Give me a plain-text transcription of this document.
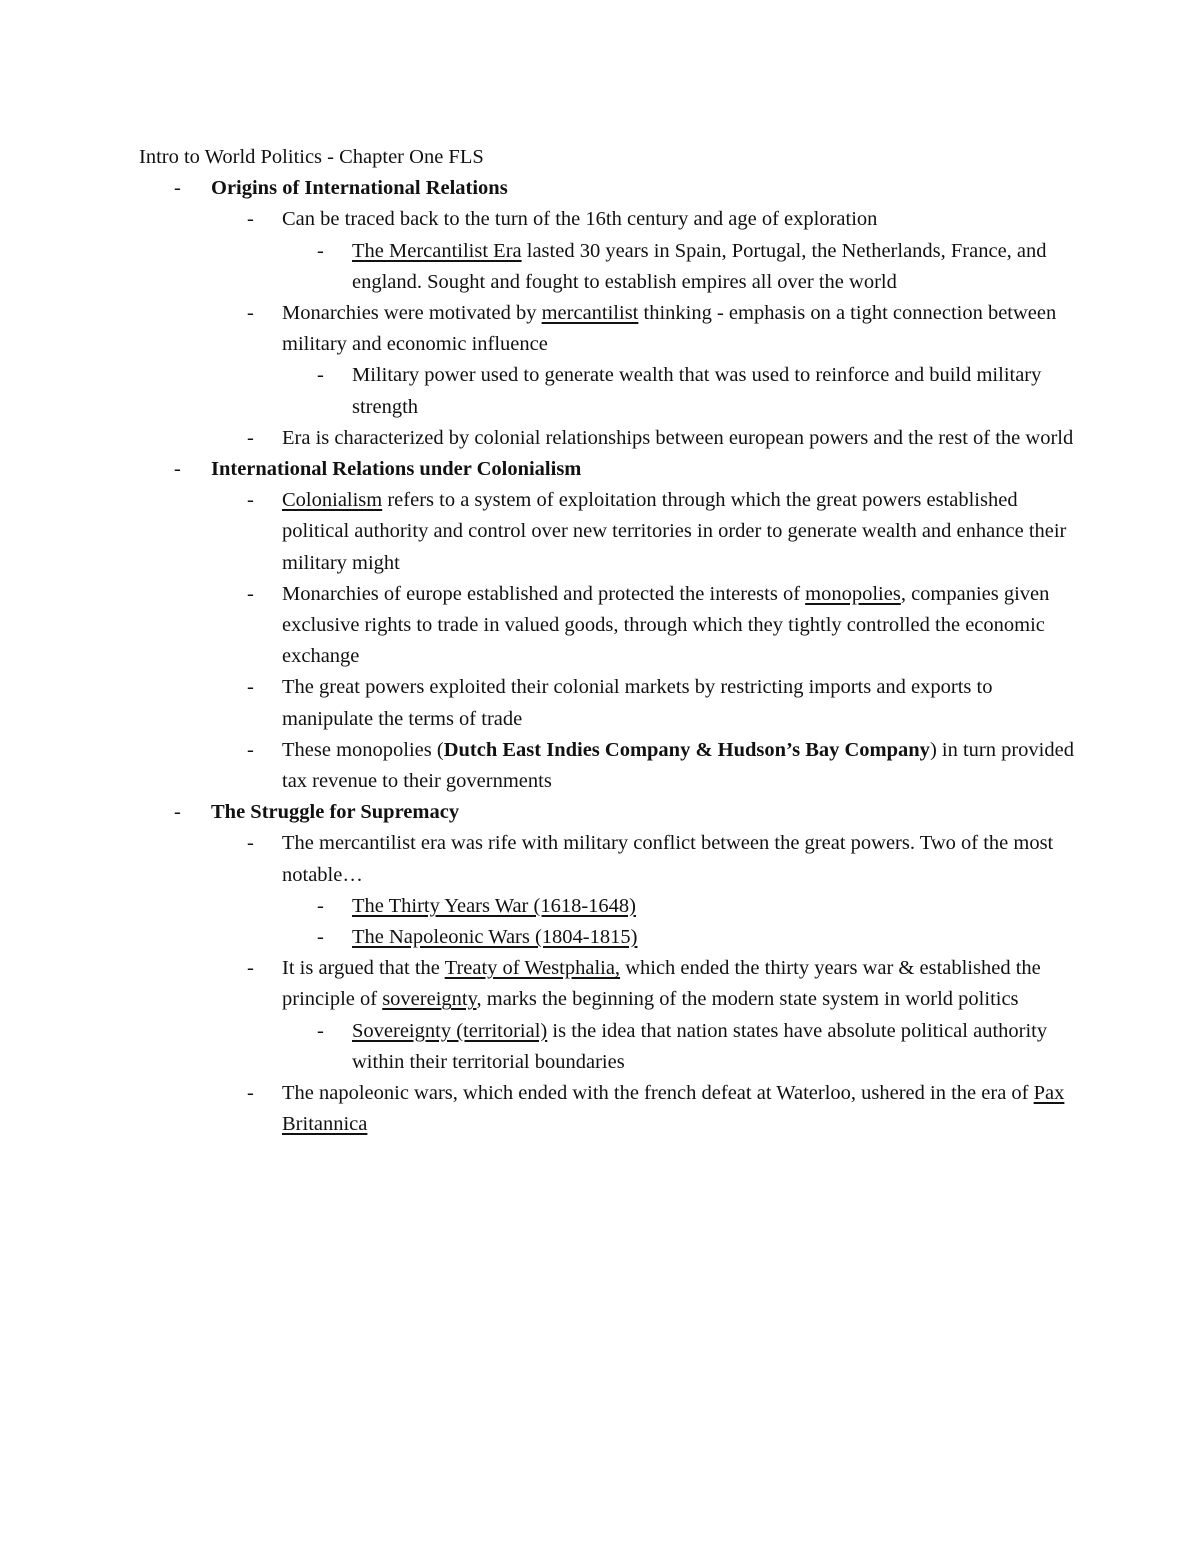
Intro to World Politics - Chapter One FLS
- Origins of International Relations
- Can be traced back to the turn of the 16th century and age of exploration
- The Mercantilist Era lasted 30 years in Spain, Portugal, the Netherlands, France, and england. Sought and fought to establish empires all over the world
- Monarchies were motivated by mercantilist thinking - emphasis on a tight connection between military and economic influence
- Military power used to generate wealth that was used to reinforce and build military strength
- Era is characterized by colonial relationships between european powers and the rest of the world
- International Relations under Colonialism
- Colonialism refers to a system of exploitation through which the great powers established political authority and control over new territories in order to generate wealth and enhance their military might
- Monarchies of europe established and protected the interests of monopolies, companies given exclusive rights to trade in valued goods, through which they tightly controlled the economic exchange
- The great powers exploited their colonial markets by restricting imports and exports to manipulate the terms of trade
- These monopolies (Dutch East Indies Company & Hudson’s Bay Company) in turn provided tax revenue to their governments
- The Struggle for Supremacy
- The mercantilist era was rife with military conflict between the great powers. Two of the most notable…
- The Thirty Years War (1618-1648)
- The Napoleonic Wars (1804-1815)
- It is argued that the Treaty of Westphalia, which ended the thirty years war & established the principle of sovereignty, marks the beginning of the modern state system in world politics
- Sovereignty (territorial) is the idea that nation states have absolute political authority within their territorial boundaries
- The napoleonic wars, which ended with the french defeat at Waterloo, ushered in the era of Pax Britannica
